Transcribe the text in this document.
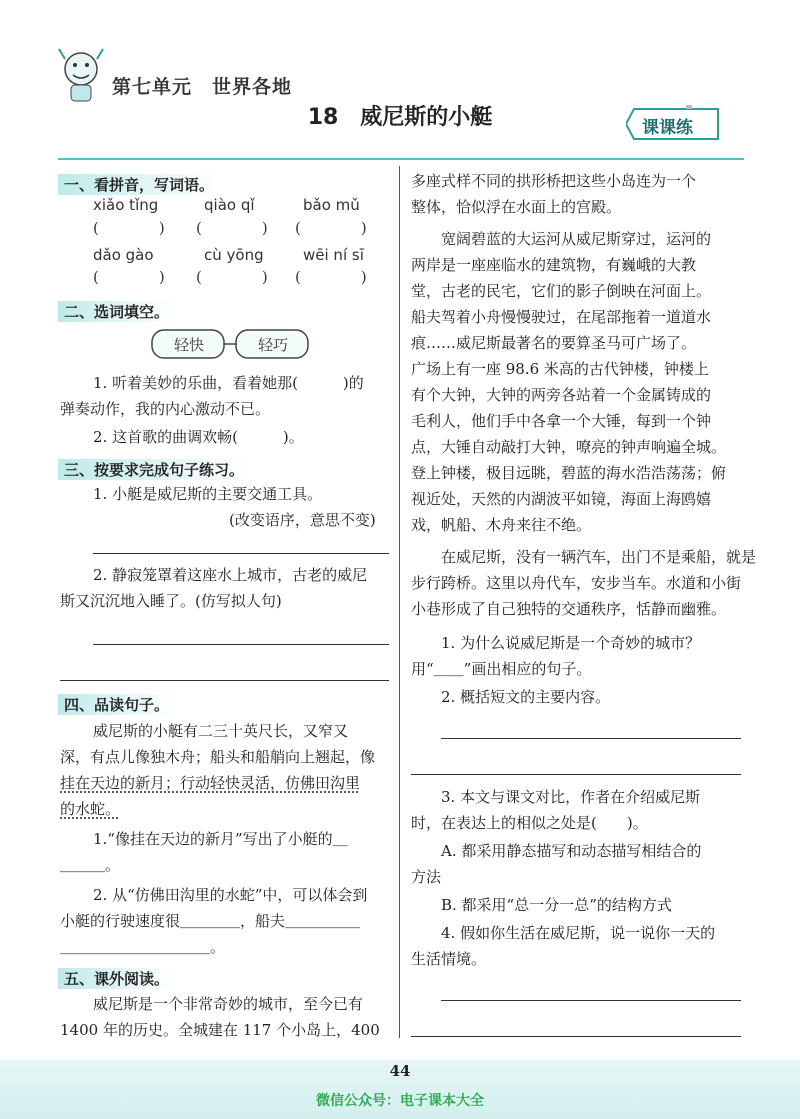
第七单元　世界各地
18　威尼斯的小艇	课课练
一、看拼音，写词语。
xiǎo tǐng	qiào qǐ	bǎo mǔ
(　　　　) (　　　　) (　　　　)
dǎo gào	cù yōng	wēi ní sī
(　　　　) (　　　　) (　　　　)
二、选词填空。
轻快	轻巧
1. 听着美妙的乐曲，看着她那(　　　)的
弹奏动作，我的内心激动不已。
2. 这首歌的曲调欢畅(　　　)。
三、按要求完成句子练习。
1. 小艇是威尼斯的主要交通工具。
(改变语序，意思不变)
2. 静寂笼罩着这座水上城市，古老的威尼
斯又沉沉地入睡了。(仿写拟人句)
四、品读句子。
威尼斯的小艇有二三十英尺长，又窄又
深，有点儿像独木舟；船头和船艄向上翘起，像
挂在天边的新月；行动轻快灵活，仿佛田沟里
的水蛇。
1.“像挂在天边的新月”写出了小艇的＿
＿＿＿。
2. 从“仿佛田沟里的水蛇”中，可以体会到
小艇的行驶速度很＿＿＿＿，船夫＿＿＿＿＿
＿＿＿＿＿＿＿＿＿＿。
五、课外阅读。
威尼斯是一个非常奇妙的城市，至今已有
1400 年的历史。全城建在 117 个小岛上，400
多座式样不同的拱形桥把这些小岛连为一个
整体，恰似浮在水面上的宫殿。
宽阔碧蓝的大运河从威尼斯穿过，运河的
两岸是一座座临水的建筑物，有巍峨的大教
堂，古老的民宅，它们的影子倒映在河面上。
船夫驾着小舟慢慢驶过，在尾部拖着一道道水
痕……威尼斯最著名的要算圣马可广场了。
广场上有一座 98.6 米高的古代钟楼，钟楼上
有个大钟，大钟的两旁各站着一个金属铸成的
毛利人，他们手中各拿一个大锤，每到一个钟
点，大锤自动敲打大钟，嘹亮的钟声响遍全城。
登上钟楼，极目远眺，碧蓝的海水浩浩荡荡；俯
视近处，天然的内湖波平如镜，海面上海鸥嬉
戏，帆船、木舟来往不绝。
在威尼斯，没有一辆汽车，出门不是乘船，就是
步行跨桥。这里以舟代车，安步当车。水道和小街
小巷形成了自己独特的交通秩序，恬静而幽雅。
1. 为什么说威尼斯是一个奇妙的城市？
用“＿＿”画出相应的句子。
2. 概括短文的主要内容。
3. 本文与课文对比，作者在介绍威尼斯
时，在表达上的相似之处是(　　)。
A. 都采用静态描写和动态描写相结合的
方法
B. 都采用“总一分一总”的结构方式
4. 假如你生活在威尼斯，说一说你一天的
生活情境。
44
微信公众号：电子课本大全
